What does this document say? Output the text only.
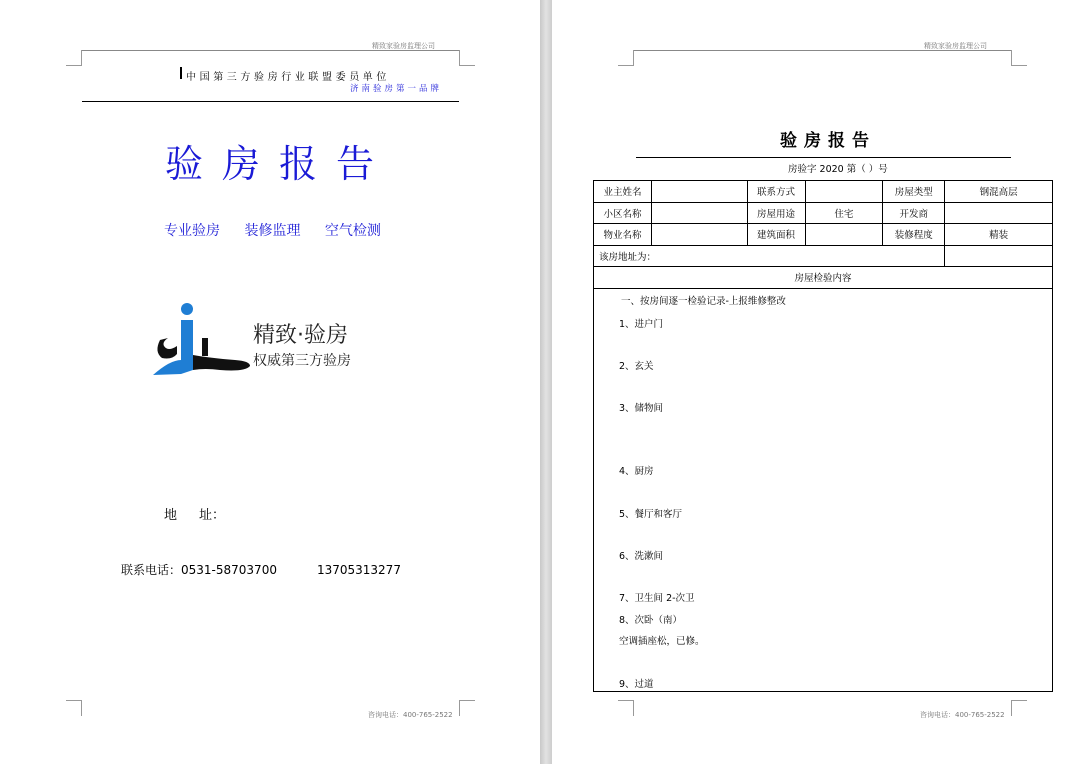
精致家验房监理公司
中国第三方验房行业联盟委员单位
济南验房第一品牌
验房报告
专业验房 装修监理 空气检测
精致·验房
权威第三方验房
地 址：
联系电话：0531-58703700	13705313277
咨询电话：400-765-2522
精致家验房监理公司
验房报告
房验字 2020 第（ ）号
业主姓名		联系方式		房屋类型	钢混高层
小区名称		房屋用途	住宅	开发商	
物业名称		建筑面积		装修程度	精装
该房地址为：					
房屋检验内容					
一、按房间逐一检验记录-上报维修整改
1、进户门
2、玄关
3、储物间
4、厨房
5、餐厅和客厅
6、洗漱间
7、卫生间 2-次卫
8、次卧（南）
空调插座松，已修。
9、过道
咨询电话：400-765-2522
